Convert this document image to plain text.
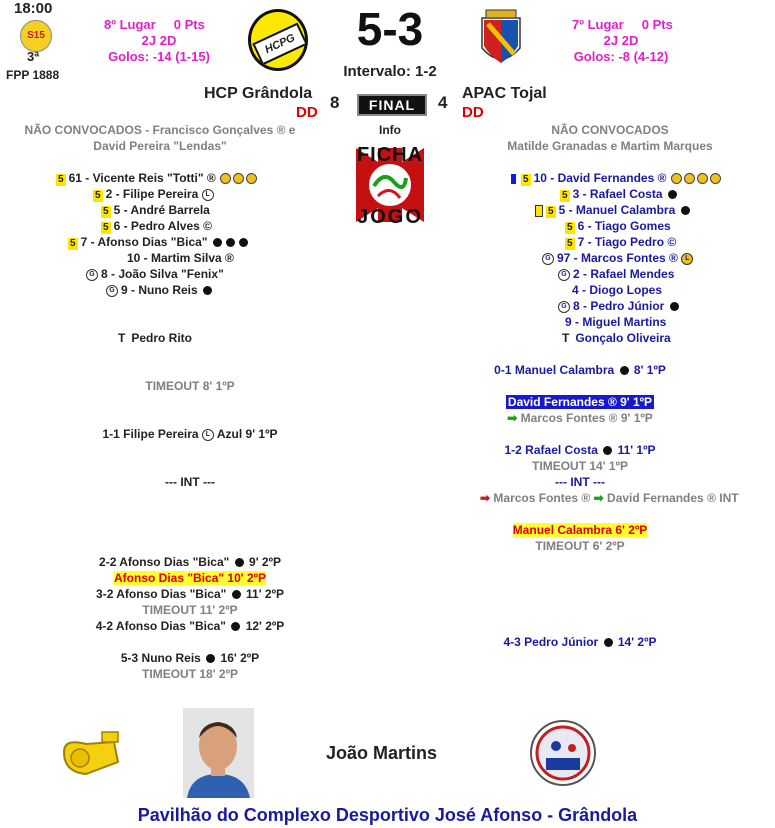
18:00
S15
3ª
FPP 1888
8º Lugar 0 Pts
2J 2D
Golos: -14 (1-15)
HCPG	5-3
Intervalo: 1-2
7º Lugar 0 Pts
2J 2D
Golos: -8 (4-12)
HCP Grândola
DD
8	FINAL	4 APAC Tojal
DD
NÃO CONVOCADOS - Francisco Gonçalves ® e
David Pereira "Lendas"
NÃO CONVOCADOS
Matilde Granadas e Martim Marques
Info
FICHA
JOGO
5 61 - Vicente Reis "Totti" ®
5 2 - Filipe Pereira L
5 5 - André Barrela
5 6 - Pedro Alves ©
5 7 - Afonso Dias "Bica"
10 - Martim Silva ®
G 8 - João Silva "Fenix"
G 9 - Nuno Reis
T Pedro Rito
5 10 - David Fernandes ®
5 3 - Rafael Costa
5 5 - Manuel Calambra
5 6 - Tiago Gomes
5 7 - Tiago Pedro ©
G 97 - Marcos Fontes ® L
G 2 - Rafael Mendes
4 - Diogo Lopes
G 8 - Pedro Júnior
9 - Miguel Martins
T Gonçalo Oliveira
0-1 Manuel Calambra 8' 1ºP
TIMEOUT 8' 1ºP
David Fernandes ® 9' 1ºP
➡ Marcos Fontes ® 9' 1ºP
1-1 Filipe Pereira L Azul 9' 1ºP
1-2 Rafael Costa 11' 1ºP
TIMEOUT 14' 1ºP
--- INT ---	--- INT ---
➡ Marcos Fontes ® ➡ David Fernandes ® INT
Manuel Calambra 6' 2ºP
TIMEOUT 6' 2ºP
2-2 Afonso Dias "Bica" 9' 2ºP
Afonso Dias "Bica" 10' 2ºP
3-2 Afonso Dias "Bica" 11' 2ºP
TIMEOUT 11' 2ºP
4-2 Afonso Dias "Bica" 12' 2ºP
4-3 Pedro Júnior 14' 2ºP
5-3 Nuno Reis 16' 2ºP
TIMEOUT 18' 2ºP
João Martins
Pavilhão do Complexo Desportivo José Afonso - Grândola
